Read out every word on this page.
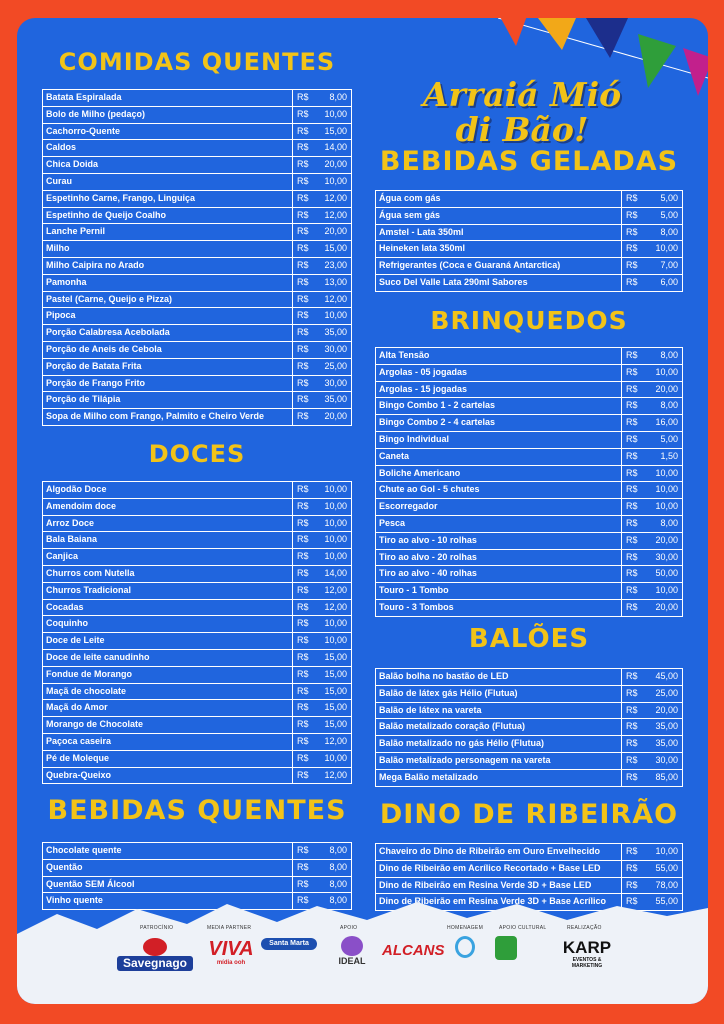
Arraiá Mió
di Bão!
COMIDAS QUENTES
Batata Espiralada	R$ 8,00
Bolo de Milho (pedaço)	R$ 10,00
Cachorro-Quente	R$ 15,00
Caldos	R$ 14,00
Chica Doida	R$ 20,00
Curau	R$ 10,00
Espetinho Carne, Frango, Linguiça	R$ 12,00
Espetinho de Queijo Coalho	R$ 12,00
Lanche Pernil	R$ 20,00
Milho	R$ 15,00
Milho Caipira no Arado	R$ 23,00
Pamonha	R$ 13,00
Pastel (Carne, Queijo e Pizza)	R$ 12,00
Pipoca	R$ 10,00
Porção Calabresa Acebolada	R$ 35,00
Porção de Aneis de Cebola	R$ 30,00
Porção de Batata Frita	R$ 25,00
Porção de Frango Frito	R$ 30,00
Porção de Tilápia	R$ 35,00
Sopa de Milho com Frango, Palmito e Cheiro Verde	R$ 20,00
DOCES
Algodão Doce	R$ 10,00
Amendoim doce	R$ 10,00
Arroz Doce	R$ 10,00
Bala Baiana	R$ 10,00
Canjica	R$ 10,00
Churros com Nutella	R$ 14,00
Churros Tradicional	R$ 12,00
Cocadas	R$ 12,00
Coquinho	R$ 10,00
Doce de Leite	R$ 10,00
Doce de leite canudinho	R$ 15,00
Fondue de Morango	R$ 15,00
Maçã de chocolate	R$ 15,00
Maçã do Amor	R$ 15,00
Morango de Chocolate	R$ 15,00
Paçoca caseira	R$ 12,00
Pé de Moleque	R$ 10,00
Quebra-Queixo	R$ 12,00
BEBIDAS QUENTES
Chocolate quente	R$ 8,00
Quentão	R$ 8,00
Quentão SEM Álcool	R$ 8,00
Vinho quente	R$ 8,00
BEBIDAS GELADAS
Água com gás	R$	5,00
Água sem gás	R$	5,00
Amstel - Lata 350ml	R$	8,00
Heineken lata 350ml	R$ 10,00
Refrigerantes (Coca e Guaraná Antarctica)	R$	7,00
Suco Del Valle Lata 290ml Sabores	R$	6,00
BRINQUEDOS
Alta Tensão	R$	8,00
Argolas - 05 jogadas	R$ 10,00
Argolas - 15 jogadas	R$ 20,00
Bingo Combo 1 - 2 cartelas	R$	8,00
Bingo Combo 2 - 4 cartelas	R$ 16,00
Bingo Individual	R$	5,00
Caneta	R$	1,50
Boliche Americano	R$ 10,00
Chute ao Gol - 5 chutes	R$ 10,00
Escorregador	R$ 10,00
Pesca	R$	8,00
Tiro ao alvo - 10 rolhas	R$ 20,00
Tiro ao alvo - 20 rolhas	R$ 30,00
Tiro ao alvo - 40 rolhas	R$ 50,00
Touro - 1 Tombo	R$ 10,00
Touro - 3 Tombos	R$ 20,00
BALÕES
Balão bolha no bastão de LED	R$ 45,00
Balão de látex gás Hélio (Flutua)	R$ 25,00
Balão de látex na vareta	R$ 20,00
Balão metalizado coração (Flutua)	R$ 35,00
Balão metalizado no gás Hélio (Flutua)	R$ 35,00
Balão metalizado personagem na vareta	R$ 30,00
Mega Balão metalizado	R$ 85,00
DINO DE RIBEIRÃO
Chaveiro do Dino de Ribeirão em Ouro Envelhecido	R$ 10,00
Dino de Ribeirão em Acrílico Recortado + Base LED	R$ 55,00
Dino de Ribeirão em Resina Verde 3D + Base LED	R$ 78,00
Dino de Ribeirão em Resina Verde 3D + Base Acrílico	R$ 55,00
PATROCÍNIO	MEDIA PARTNER	APOIO	HOMENAGEM	APOIO CULTURAL	REALIZAÇÃO
Savegnago
VIVA
mídia ooh
Santa Marta
IDEAL
ALCANS	KARP
EVENTOS & MARKETING
